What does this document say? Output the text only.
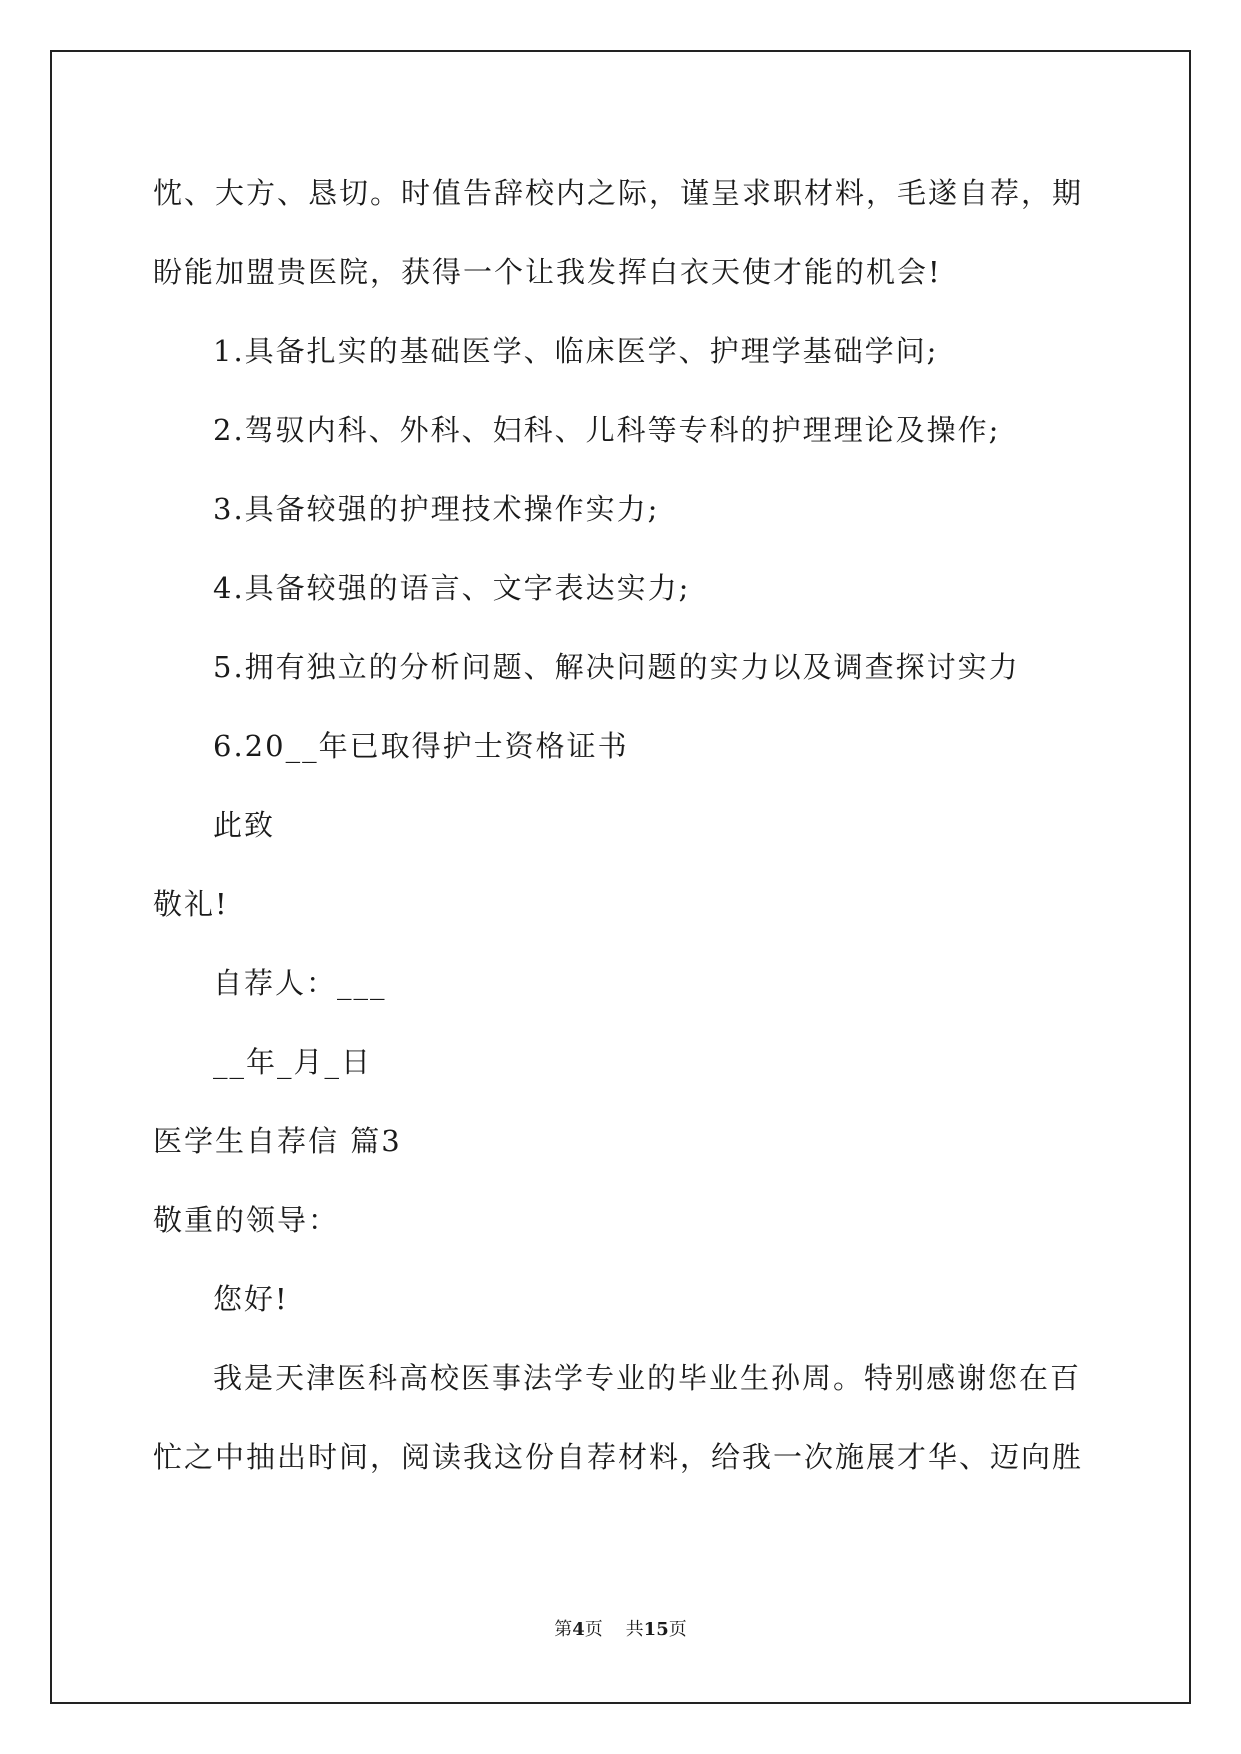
忱、大方、恳切。时值告辞校内之际，谨呈求职材料，毛遂自荐，期
盼能加盟贵医院，获得一个让我发挥白衣天使才能的机会!
1.具备扎实的基础医学、临床医学、护理学基础学问;
2.驾驭内科、外科、妇科、儿科等专科的护理理论及操作;
3.具备较强的护理技术操作实力;
4.具备较强的语言、文字表达实力;
5.拥有独立的分析问题、解决问题的实力以及调查探讨实力
6.20__年已取得护士资格证书
此致
敬礼!
自荐人：___
__年_月_日
医学生自荐信 篇3
敬重的领导：
您好!
我是天津医科高校医事法学专业的毕业生孙周。特别感谢您在百
忙之中抽出时间，阅读我这份自荐材料，给我一次施展才华、迈向胜
第4页 共15页
